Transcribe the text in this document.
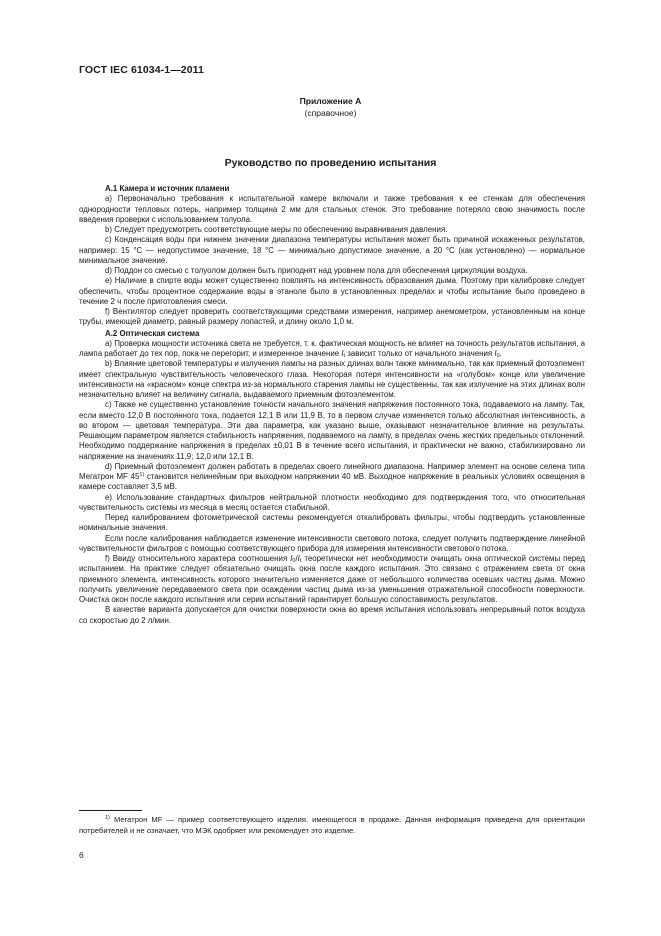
ГОСТ IEC 61034-1—2011
Приложение А
(справочное)
Руководство по проведению испытания

А.1 Камера и источник пламени

a) Первоначально требования к испытательной камере включали и также требования к ее стенкам для обеспечения однородности тепловых потерь, например толщина 2 мм для стальных стенок. Это требование потеряло свою значимость после введения проверки с использованием толуола.

b) Следует предусмотреть соответствующие меры по обеспечению выравнивания давления.

c) Конденсация воды при нижнем значении диапазона температуры испытания может быть причиной искаженных результатов, например: 15 °С — недопустимое значение, 18 °С — минимально допустимое значение, а 20 °С (как установлено) — нормальное минимальное значение.

d) Поддон со смесью с толуолом должен быть приподнят над уровнем пола для обеспечения циркуляции воздуха.

e) Наличие в спирте воды может существенно повлиять на интенсивность образования дыма. Поэтому при калибровке следует обеспечить, чтобы процентное содержание воды в этаноле было в установленных пределах и чтобы испытание было проведено в течение 2 ч после приготовления смеси.

f) Вентилятор следует проверить соответствующими средствами измерения, например анемометром, установленным на конце трубы, имеющей диаметр, равный размеру лопастей, и длину около 1,0 м.

А.2 Оптическая система

a) Проверка мощности источника света не требуется, т. к. фактическая мощность не влияет на точность результатов испытания, а лампа работает до тех пор, пока не перегорит, и измеренное значение $I_t$ зависит только от начального значения $I_0$.

b) Влияние цветовой температуры и излучения лампы на разных длинах волн также минимально, так как приемный фотоэлемент имеет спектральную чувствительность человеческого глаза. Некоторая потеря интенсивности на «голубом» конце или увеличение интенсивности на «красном» конце спектра из-за нормального старения лампы не существенны, так как излучение на этих длинах волн незначительно влияет на величину сигнала, выдаваемого приемным фотоэлементом.

c) Также не существенно установление точности начального значения напряжения постоянного тока, подаваемого на лампу. Так, если вместо 12,0 В постоянного тока, подается 12,1 В или 11,9 В, то в первом случае изменяется только абсолютная интенсивность, а во втором — цветовая температура. Эти два параметра, как указано выше, оказывают незначительное влияние на результаты. Решающим параметром является стабильность напряжения, подаваемого на лампу, в пределах очень жестких предельных отклонений. Необходимо поддержание напряжения в пределах ±0,01 В в течение всего испытания, и практически не важно, стабилизировано ли напряжение на значениях 11,9; 12,0 или 12,1 В.

d) Приемный фотоэлемент должен работать в пределах своего линейного диапазона. Например элемент на основе селена типа Мегатрон MF 45$^{1)}$ становится нелинейным при выходном напряжении 40 мВ. Выходное напряжение в реальных условиях освещения в камере составляет 3,5 мВ.

e) Использование стандартных фильтров нейтральной плотности необходимо для подтверждения того, что относительная чувствительность системы из месяца в месяц остается стабильной.

Перед калиброванием фотометрической системы рекомендуется откалибровать фильтры, чтобы подтвердить установленные номинальные значения.

Если после калибрования наблюдается изменение интенсивности светового потока, следует получить подтверждение линейной чувствительности фильтров с помощью соответствующего прибора для измерения интенсивности светового потока.

f) Ввиду относительного характера соотношения $I_0/I_t$ теоретически нет необходимости очищать окна оптической системы перед испытанием. На практике следует обязательно очищать окна после каждого испытания. Это связано с отражением света от окна приемного элемента, интенсивность которого значительно изменяется даже от небольшого количества осевших частиц дыма. Можно получить увеличение передаваемого света при осаждении частиц дыма из-за уменьшения отражательной способности поверхности. Очистка окон после каждого испытания или серии испытаний гарантирует большую сопоставимость результатов.

В качестве варианта допускается для очистки поверхности окна во время испытания использовать непрерывный поток воздуха со скоростью до 2 л/мин.

$^{1)}$ Мегатрон MF — пример соответствующего изделия, имеющегося в продаже. Данная информация приведена для ориентации потребителей и не означает, что МЭК одобряет или рекомендует это изделие.
6
